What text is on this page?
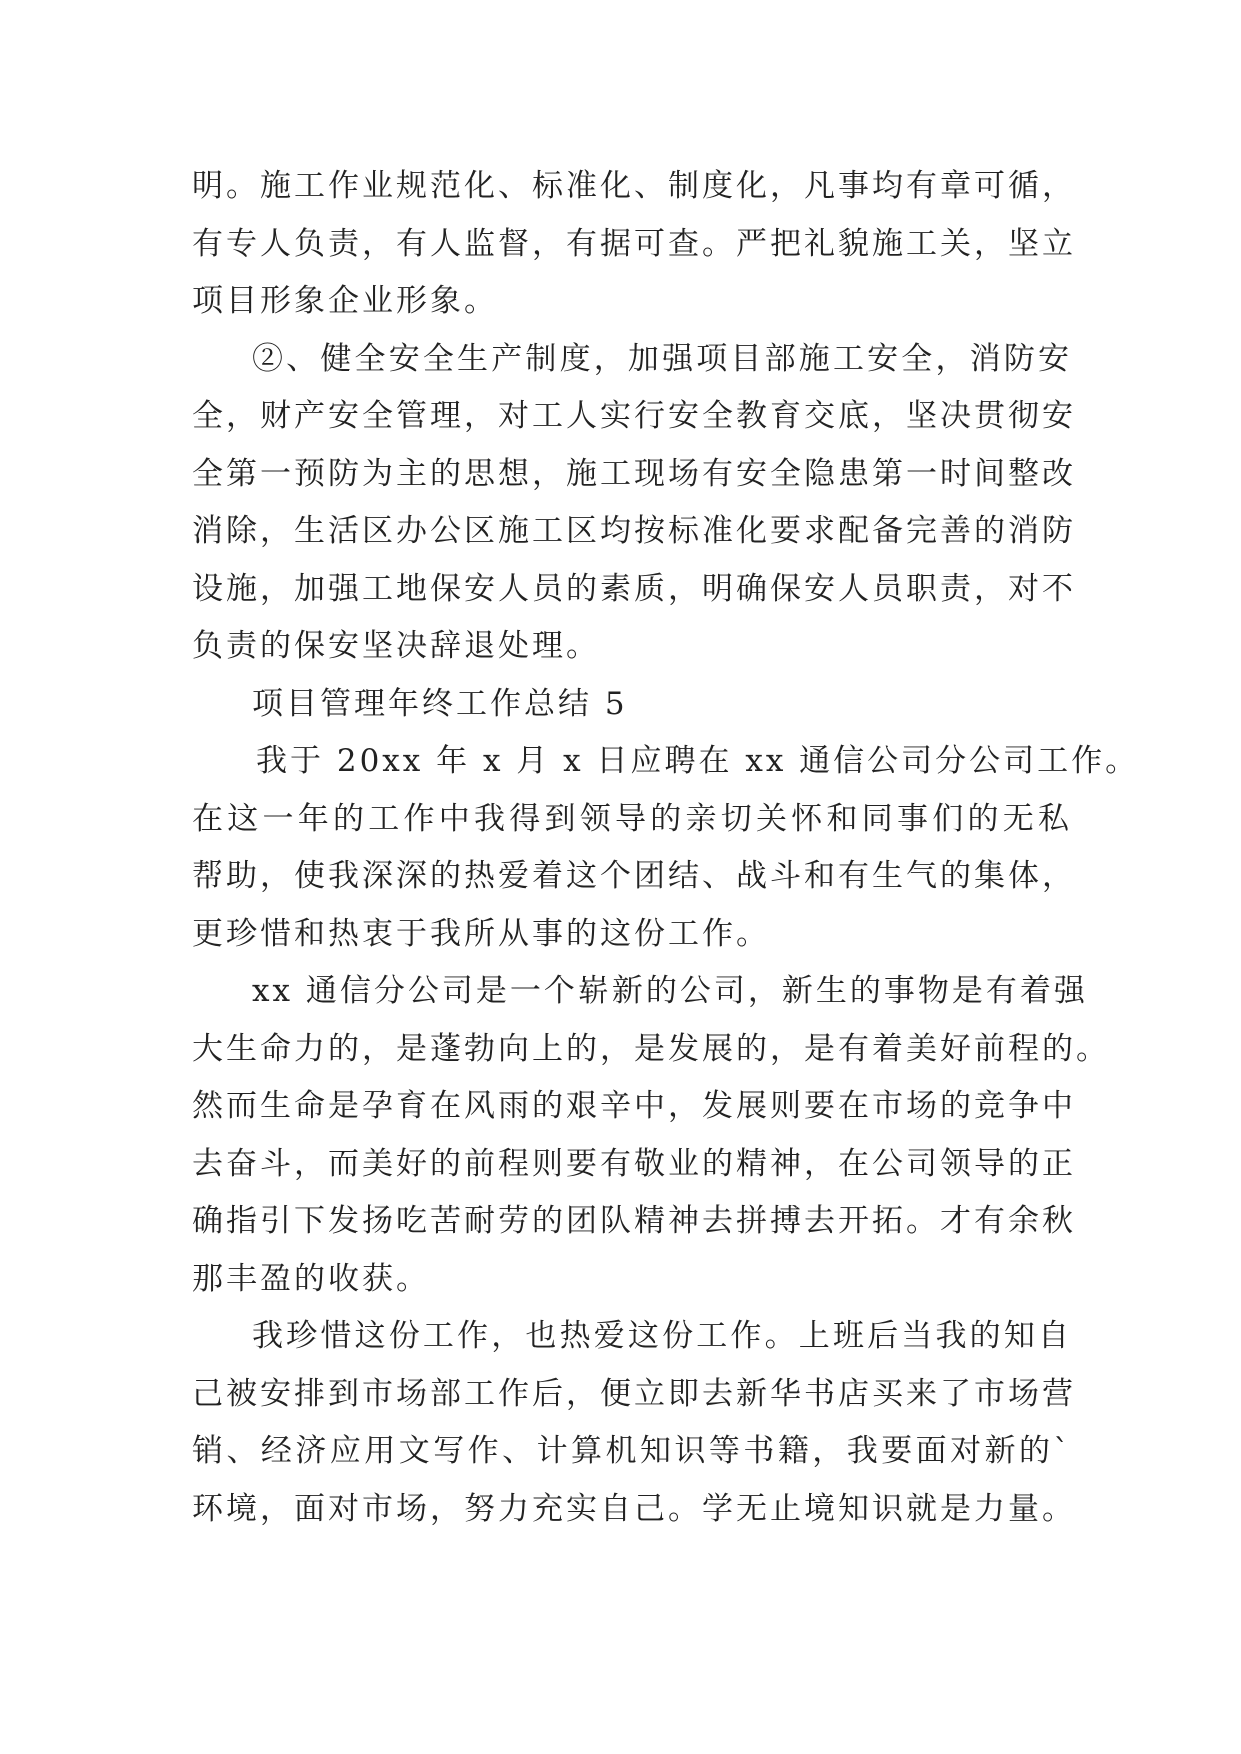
明。施工作业规范化、标准化、制度化，凡事均有章可循，
有专人负责，有人监督，有据可查。严把礼貌施工关，坚立
项目形象企业形象。
②、健全安全生产制度，加强项目部施工安全，消防安
全，财产安全管理，对工人实行安全教育交底，坚决贯彻安
全第一预防为主的思想，施工现场有安全隐患第一时间整改
消除，生活区办公区施工区均按标准化要求配备完善的消防
设施，加强工地保安人员的素质，明确保安人员职责，对不
负责的保安坚决辞退处理。
项目管理年终工作总结 5
我于 20xx 年 x 月 x 日应聘在 xx 通信公司分公司工作。
在这一年的工作中我得到领导的亲切关怀和同事们的无私
帮助，使我深深的热爱着这个团结、战斗和有生气的集体，
更珍惜和热衷于我所从事的这份工作。
xx 通信分公司是一个崭新的公司，新生的事物是有着强
大生命力的，是蓬勃向上的，是发展的，是有着美好前程的。
然而生命是孕育在风雨的艰辛中，发展则要在市场的竞争中
去奋斗，而美好的前程则要有敬业的精神，在公司领导的正
确指引下发扬吃苦耐劳的团队精神去拼搏去开拓。才有余秋
那丰盈的收获。
我珍惜这份工作，也热爱这份工作。上班后当我的知自
己被安排到市场部工作后，便立即去新华书店买来了市场营
销、经济应用文写作、计算机知识等书籍，我要面对新的`
环境，面对市场，努力充实自己。学无止境知识就是力量。
